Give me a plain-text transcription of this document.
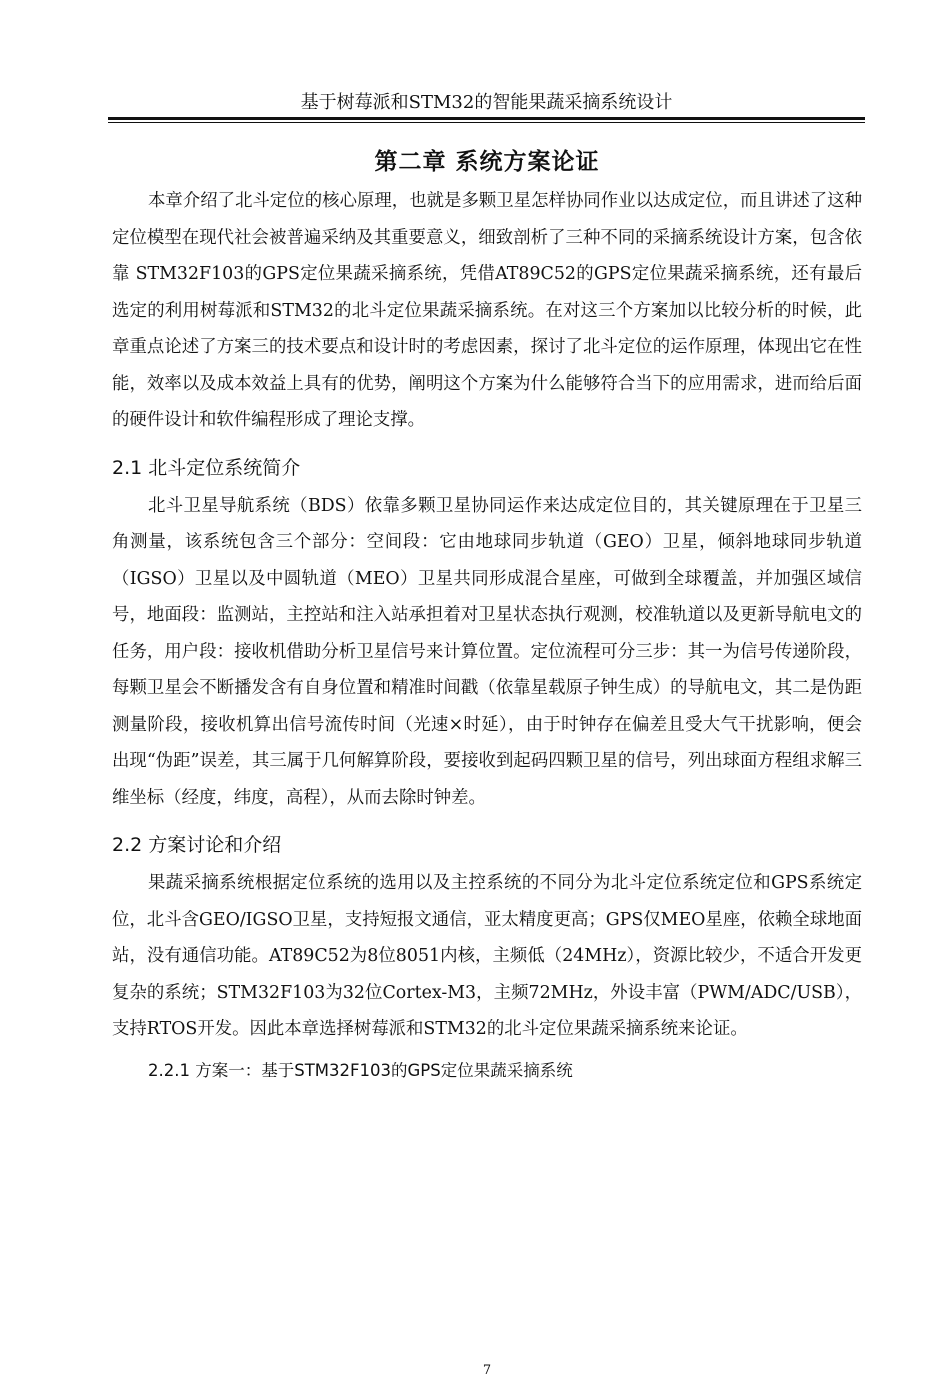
基于树莓派和STM32的智能果蔬采摘系统设计
第二章 系统方案论证

本章介绍了北斗定位的核心原理，也就是多颗卫星怎样协同作业以达成定位，而且讲述了这种定位模型在现代社会被普遍采纳及其重要意义，细致剖析了三种不同的采摘系统设计方案，包含依靠 STM32F103的GPS定位果蔬采摘系统，凭借AT89C52的GPS定位果蔬采摘系统，还有最后选定的利用树莓派和STM32的北斗定位果蔬采摘系统。在对这三个方案加以比较分析的时候，此章重点论述了方案三的技术要点和设计时的考虑因素，探讨了北斗定位的运作原理，体现出它在性能，效率以及成本效益上具有的优势，阐明这个方案为什么能够符合当下的应用需求，进而给后面的硬件设计和软件编程形成了理论支撑。

2.1 北斗定位系统简介

北斗卫星导航系统（BDS）依靠多颗卫星协同运作来达成定位目的，其关键原理在于卫星三角测量，该系统包含三个部分：空间段：它由地球同步轨道（GEO）卫星，倾斜地球同步轨道（IGSO）卫星以及中圆轨道（MEO）卫星共同形成混合星座，可做到全球覆盖，并加强区域信号，地面段：监测站，主控站和注入站承担着对卫星状态执行观测，校准轨道以及更新导航电文的任务，用户段：接收机借助分析卫星信号来计算位置。定位流程可分三步：其一为信号传递阶段，每颗卫星会不断播发含有自身位置和精准时间戳（依靠星载原子钟生成）的导航电文，其二是伪距测量阶段，接收机算出信号流传时间（光速×时延），由于时钟存在偏差且受大气干扰影响，便会出现“伪距”误差，其三属于几何解算阶段，要接收到起码四颗卫星的信号，列出球面方程组求解三维坐标（经度，纬度，高程），从而去除时钟差。

2.2 方案讨论和介绍

果蔬采摘系统根据定位系统的选用以及主控系统的不同分为北斗定位系统定位和GPS系统定位，北斗含GEO/IGSO卫星，支持短报文通信，亚太精度更高；GPS仅MEO星座，依赖全球地面站，没有通信功能。AT89C52为8位8051内核，主频低（24MHz），资源比较少，不适合开发更复杂的系统；STM32F103为32位Cortex-M3，主频72MHz，外设丰富（PWM/ADC/USB），支持RTOS开发。因此本章选择树莓派和STM32的北斗定位果蔬采摘系统来论证。

2.2.1 方案一：基于STM32F103的GPS定位果蔬采摘系统
7
